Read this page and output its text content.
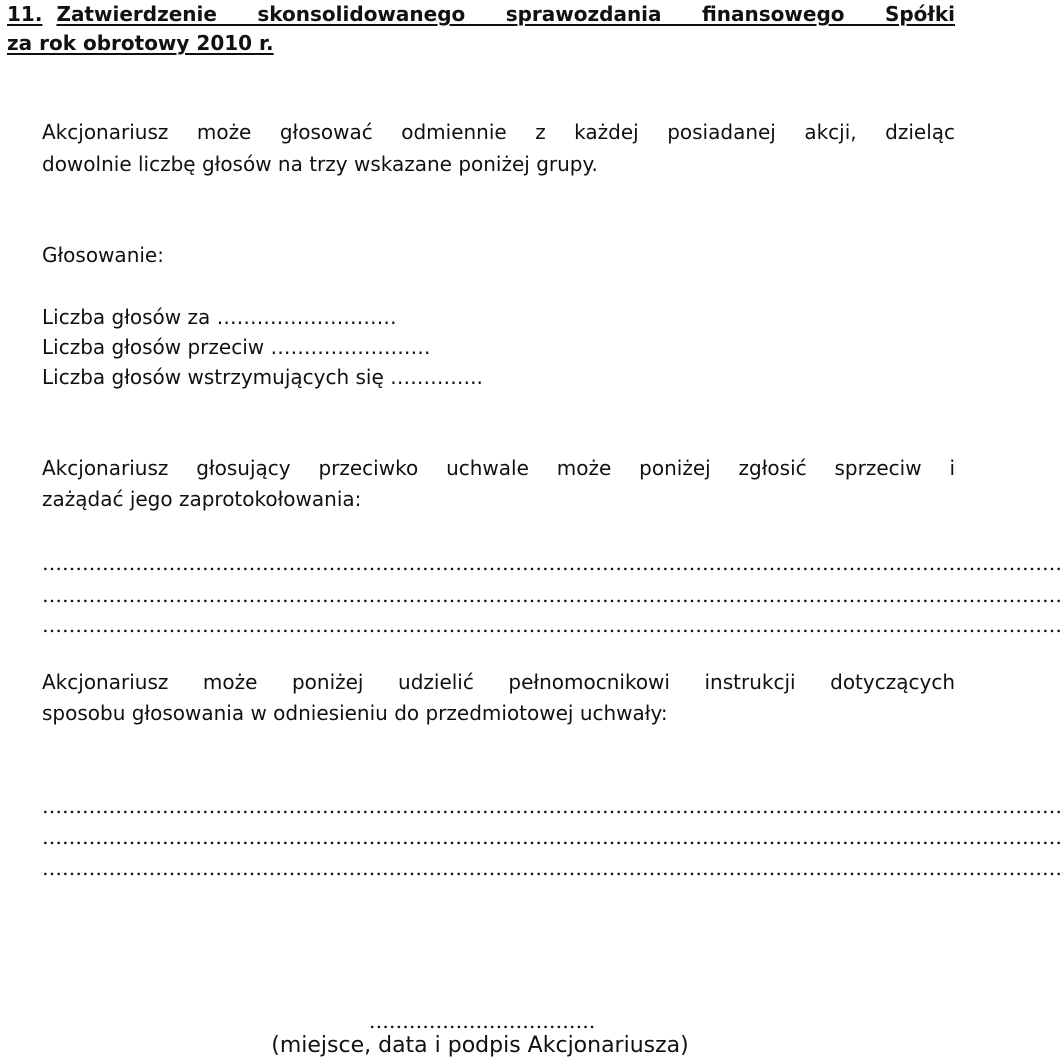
11. Zatwierdzenie skonsolidowanego sprawozdania finansowego Spółki
za rok obrotowy 2010 r.
Akcjonariusz może głosować odmiennie z każdej posiadanej akcji, dzieląc
dowolnie liczbę głosów na trzy wskazane poniżej grupy.
Głosowanie:
Liczba głosów za ………………………
Liczba głosów przeciw ……………………
Liczba głosów wstrzymujących się …………..
Akcjonariusz głosujący przeciwko uchwale może poniżej zgłosić sprzeciw i
zażądać jego zaprotokołowania:
………………………………………………………………………………………………………………………………………
………………………………………………………………………………………………………………………………………
………………………………………………………………………………………………………………………………………
Akcjonariusz może poniżej udzielić pełnomocnikowi instrukcji dotyczących
sposobu głosowania w odniesieniu do przedmiotowej uchwały:
………………………………………………………………………………………………………………………………………
………………………………………………………………………………………………………………………………………
………………………………………………………………………………………………………………………………………
…………………………….
(miejsce, data i podpis Akcjonariusza)
